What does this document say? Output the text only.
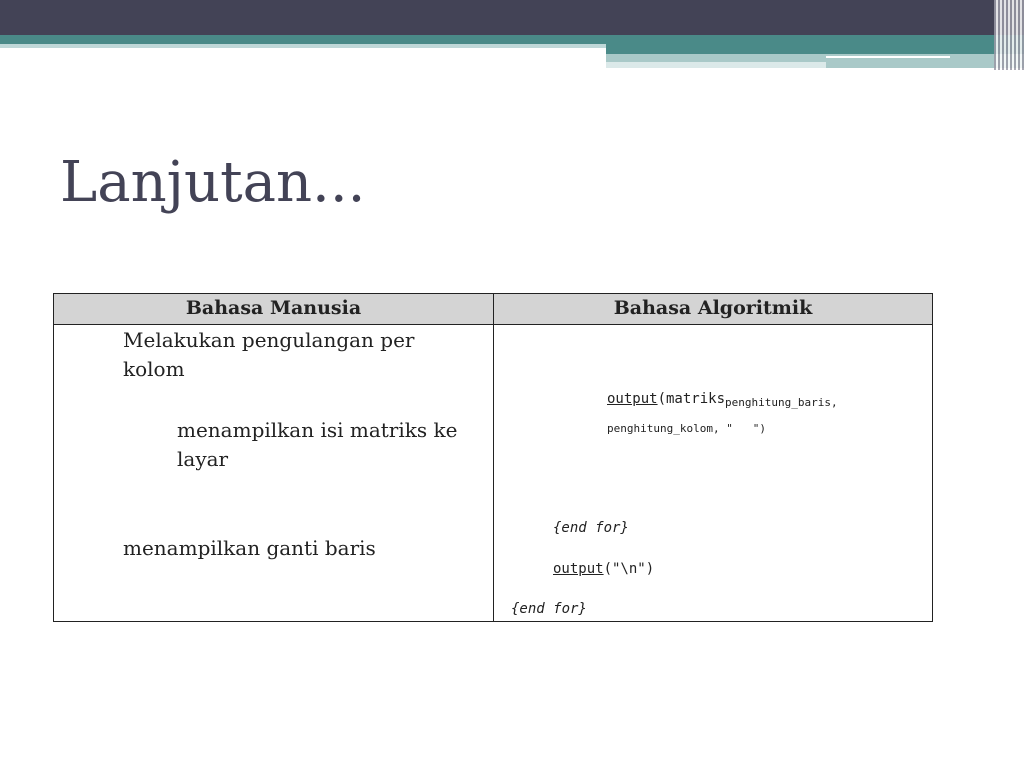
Lanjutan...
Bahasa Manusia	Bahasa Algoritmik
Melakukan pengulangan per
kolom
menampilkan isi matriks ke
layar
menampilkan ganti baris
output(matriks$_{penghitung\_baris,}$
penghitung_kolom, "   ")
{end for}
output("\n")
{end for}
